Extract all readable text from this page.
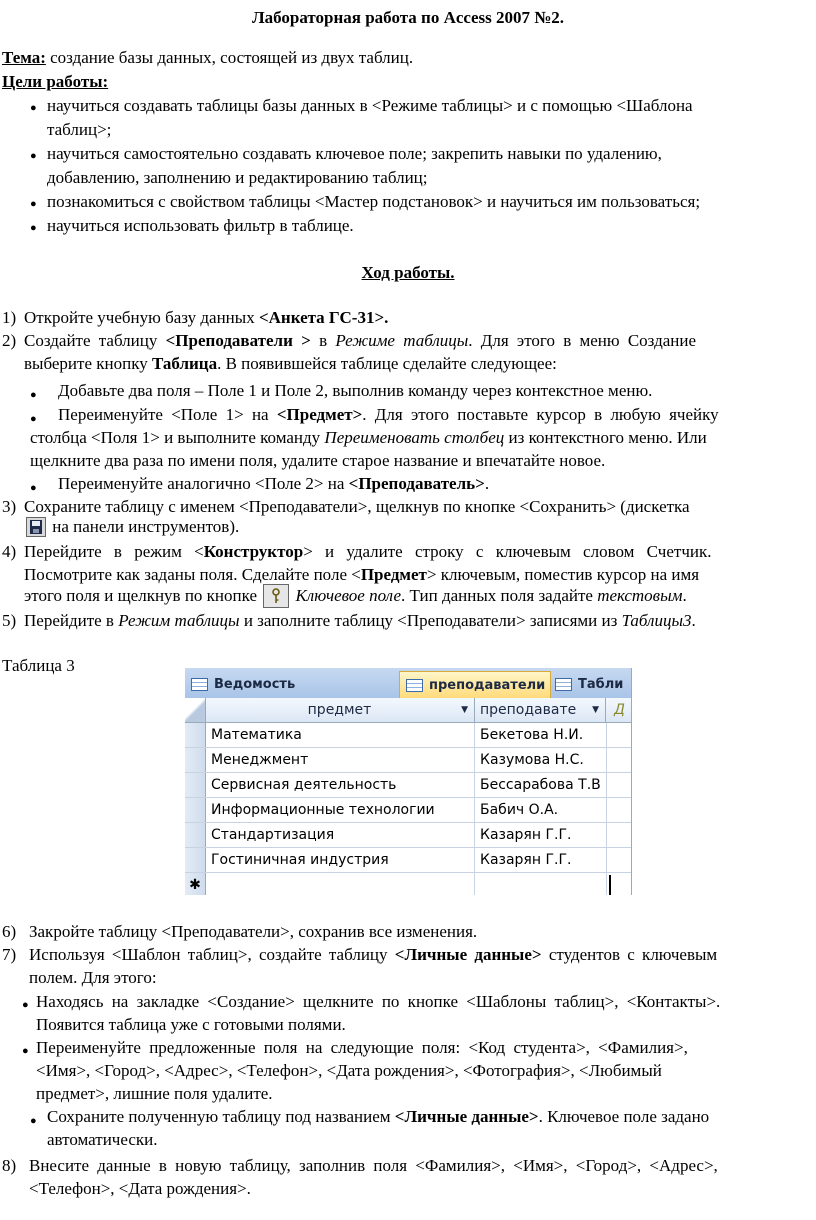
Лабораторная работа по Access 2007 №2.
Тема: создание базы данных, состоящей из двух таблиц.
Цели работы:
● научиться создавать таблицы базы данных в <Режиме таблицы> и с помощью <Шаблона
таблиц>;
● научиться самостоятельно создавать ключевое поле; закрепить навыки по удалению,
добавлению, заполнению и редактированию таблиц;
● познакомиться с свойством таблицы <Мастер подстановок> и научиться им пользоваться;
● научиться использовать фильтр в таблице.
Ход работы.
1) Откройте учебную базу данных <Анкета ГС-31>.
2) Создайте таблицу <Преподаватели > в Режиме таблицы. Для этого в меню Создание
выберите кнопку Таблица. В появившейся таблице сделайте следующее:
● Добавьте два поля – Поле 1 и Поле 2, выполнив команду через контекстное меню.
● Переименуйте <Поле 1> на <Предмет>. Для этого поставьте курсор в любую ячейку
столбца <Поля 1> и выполните команду Переименовать столбец из контекстного меню. Или
щелкните два раза по имени поля, удалите старое название и впечатайте новое.
● Переименуйте аналогично <Поле 2> на <Преподаватель>.
3) Сохраните таблицу с именем <Преподаватели>, щелкнув по кнопке <Сохранить> (дискетка
на панели инструментов).
4) Перейдите в режим <Конструктор> и удалите строку с ключевым словом Счетчик.
Посмотрите как заданы поля. Сделайте поле <Предмет> ключевым, поместив курсор на имя
этого поля и щелкнув по кнопке  Ключевое поле. Тип данных поля задайте текстовым.
5) Перейдите в Режим таблицы и заполните таблицу <Преподаватели> записями из Таблицы3.
Таблица 3
Ведомость	преподаватели	Табли
предмет	▼ преподавате ▼	Д
Математика	Бекетова Н.И.
Менеджмент	Казумова Н.С.
Сервисная деятельность	Бессарабова Т.В
Информационные технологии	Бабич О.А.
Стандартизация	Казарян Г.Г.
Гостиничная индустрия	Казарян Г.Г.
✱
6) Закройте таблицу <Преподаватели>, сохранив все изменения.
7) Используя <Шаблон таблиц>, создайте таблицу <Личные данные> студентов с ключевым
полем. Для этого:
● Находясь на закладке <Создание> щелкните по кнопке <Шаблоны таблиц>, <Контакты>.
Появится таблица уже с готовыми полями.
● Переименуйте предложенные поля на следующие поля: <Код студента>, <Фамилия>,
<Имя>, <Город>, <Адрес>, <Телефон>, <Дата рождения>, <Фотография>, <Любимый
предмет>, лишние поля удалите.
● Сохраните полученную таблицу под названием <Личные данные>. Ключевое поле задано
автоматически.
8) Внесите данные в новую таблицу, заполнив поля <Фамилия>, <Имя>, <Город>, <Адрес>,
<Телефон>, <Дата рождения>.
